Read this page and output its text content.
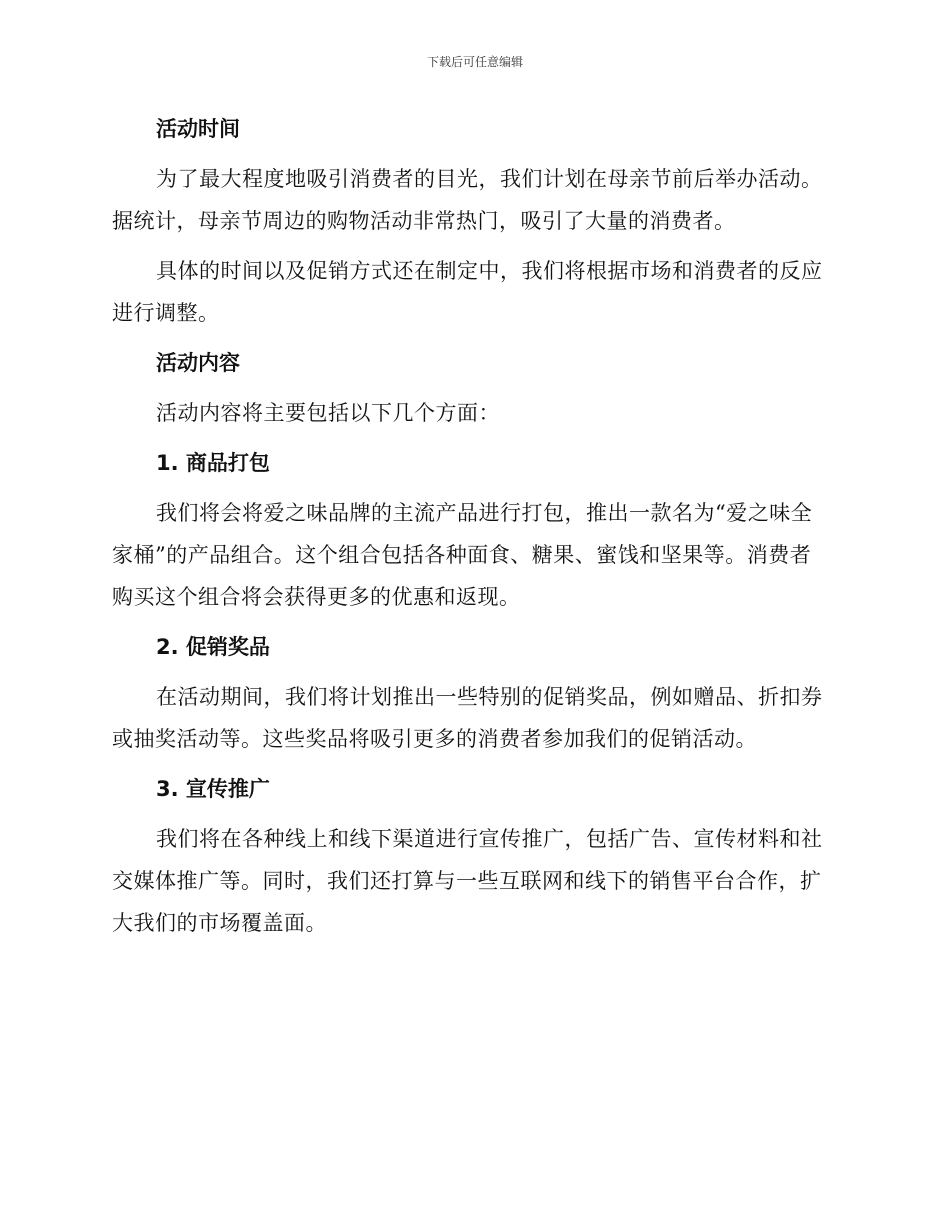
下载后可任意编辑
活动时间

为了最大程度地吸引消费者的目光，我们计划在母亲节前后举办活动。据统计，母亲节周边的购物活动非常热门，吸引了大量的消费者。

具体的时间以及促销方式还在制定中，我们将根据市场和消费者的反应进行调整。

活动内容

活动内容将主要包括以下几个方面：

1. 商品打包

我们将会将爱之味品牌的主流产品进行打包，推出一款名为“爱之味全家桶”的产品组合。这个组合包括各种面食、糖果、蜜饯和坚果等。消费者购买这个组合将会获得更多的优惠和返现。

2. 促销奖品

在活动期间，我们将计划推出一些特别的促销奖品，例如赠品、折扣券或抽奖活动等。这些奖品将吸引更多的消费者参加我们的促销活动。

3. 宣传推广

我们将在各种线上和线下渠道进行宣传推广，包括广告、宣传材料和社交媒体推广等。同时，我们还打算与一些互联网和线下的销售平台合作，扩大我们的市场覆盖面。
